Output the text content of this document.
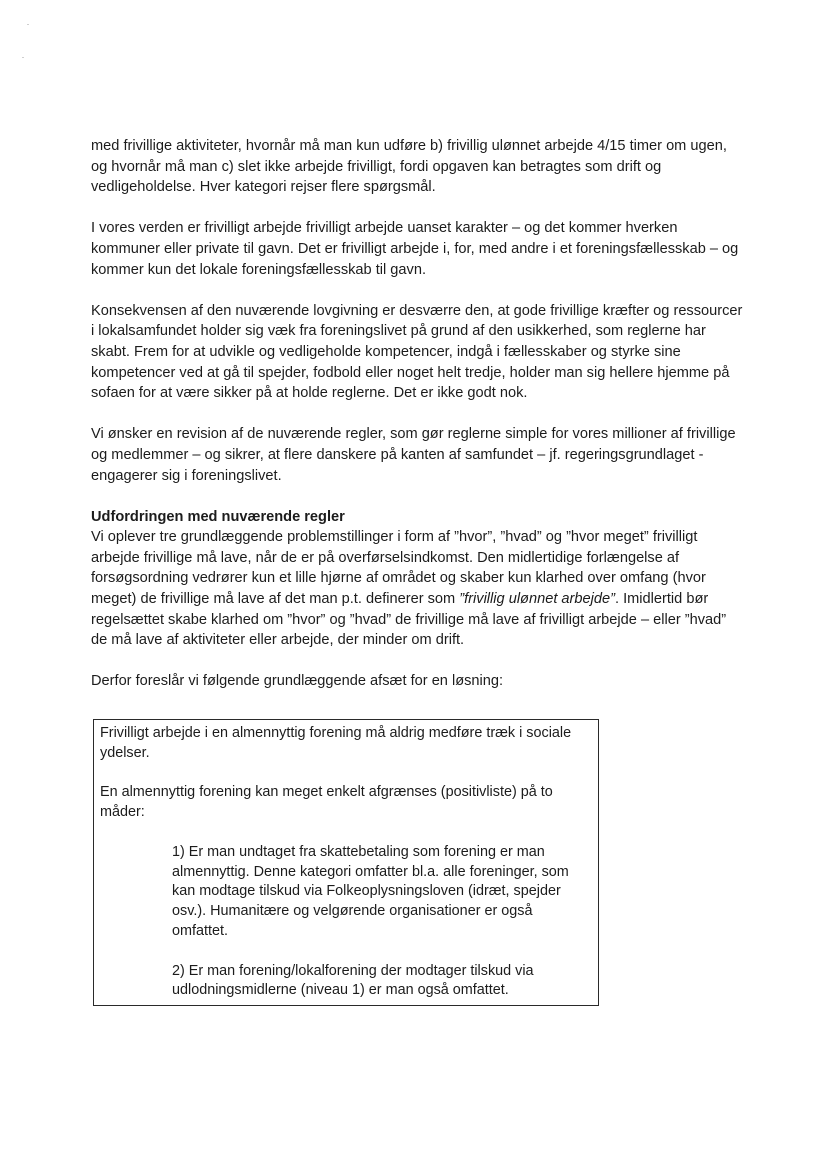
med frivillige aktiviteter, hvornår må man kun udføre b) frivillig ulønnet arbejde 4/15 timer om ugen, og hvornår må man c) slet ikke arbejde frivilligt, fordi opgaven kan betragtes som drift og vedligeholdelse. Hver kategori rejser flere spørgsmål.

I vores verden er frivilligt arbejde frivilligt arbejde uanset karakter – og det kommer hverken kommuner eller private til gavn. Det er frivilligt arbejde i, for, med andre i et foreningsfællesskab – og kommer kun det lokale foreningsfællesskab til gavn.

Konsekvensen af den nuværende lovgivning er desværre den, at gode frivillige kræfter og ressourcer i lokalsamfundet holder sig væk fra foreningslivet på grund af den usikkerhed, som reglerne har skabt. Frem for at udvikle og vedligeholde kompetencer, indgå i fællesskaber og styrke sine kompetencer ved at gå til spejder, fodbold eller noget helt tredje, holder man sig hellere hjemme på sofaen for at være sikker på at holde reglerne. Det er ikke godt nok.

Vi ønsker en revision af de nuværende regler, som gør reglerne simple for vores millioner af frivillige og medlemmer – og sikrer, at flere danskere på kanten af samfundet – jf. regeringsgrundlaget - engagerer sig i foreningslivet.

Udfordringen med nuværende regler
Vi oplever tre grundlæggende problemstillinger i form af ”hvor”, ”hvad” og ”hvor meget” frivilligt arbejde frivillige må lave, når de er på overførselsindkomst. Den midlertidige forlængelse af forsøgsordning vedrører kun et lille hjørne af området og skaber kun klarhed over omfang (hvor meget) de frivillige må lave af det man p.t. definerer som ”frivillig ulønnet arbejde”. Imidlertid bør regelsættet skabe klarhed om ”hvor” og ”hvad” de frivillige må lave af frivilligt arbejde – eller ”hvad” de må lave af aktiviteter eller arbejde, der minder om drift.

Derfor foreslår vi følgende grundlæggende afsæt for en løsning:

Frivilligt arbejde i en almennyttig forening må aldrig medføre træk i sociale ydelser.

En almennyttig forening kan meget enkelt afgrænses (positivliste) på to måder:

1) Er man undtaget fra skattebetaling som forening er man almennyttig. Denne kategori omfatter bl.a. alle foreninger, som kan modtage tilskud via Folkeoplysningsloven (idræt, spejder osv.). Humanitære og velgørende organisationer er også omfattet.

2) Er man forening/lokalforening der modtager tilskud via udlodningsmidlerne (niveau 1) er man også omfattet.
